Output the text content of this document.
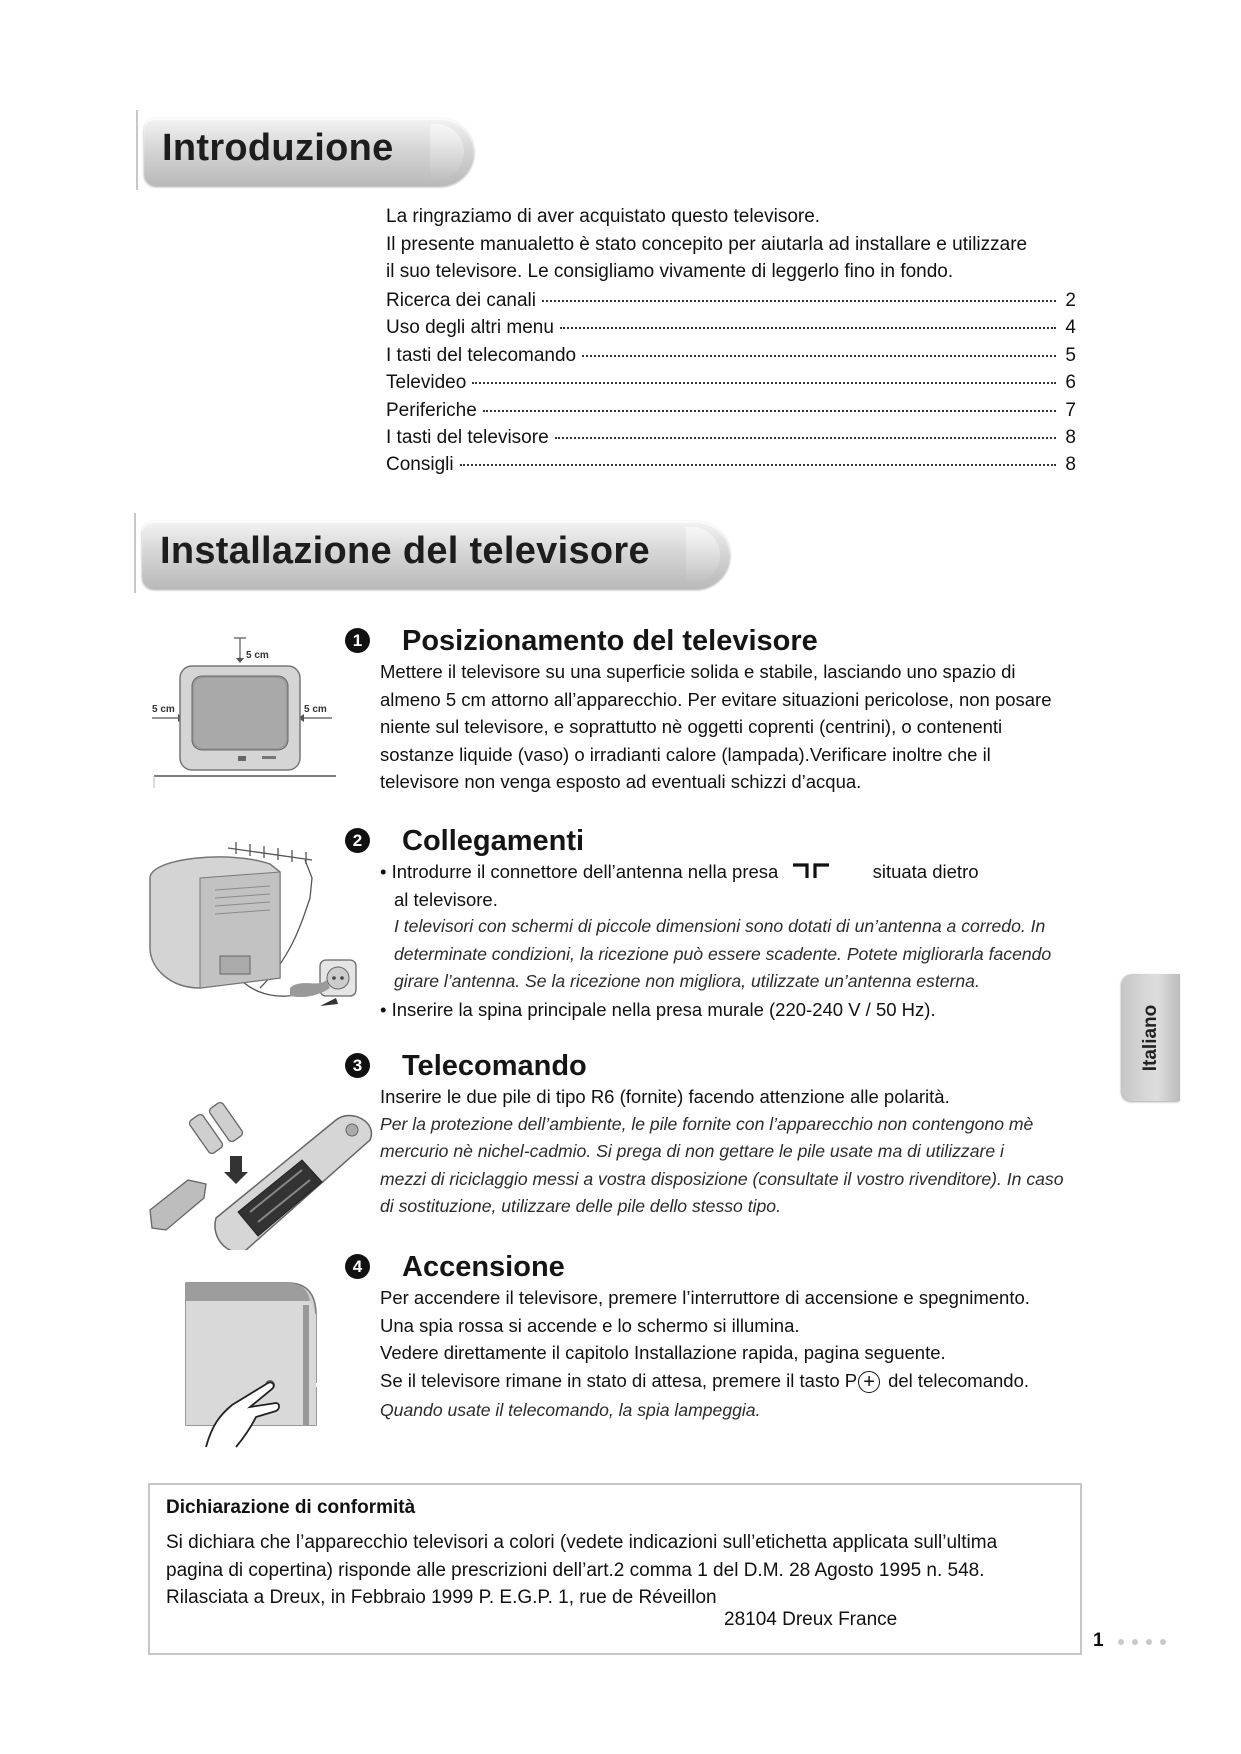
Introduzione

La ringraziamo di aver acquistato questo televisore.

Il presente manualetto è stato concepito per aiutarla ad installare e utilizzare

il suo televisore. Le consigliamo vivamente di leggerlo fino in fondo.

Ricerca dei canali	2
Uso degli altri menu	4
I tasti del telecomando	5
Televideo	6
Periferiche	7
I tasti del televisore	8
Consigli	8
Installazione del televisore
5 cm
5 cm	5 cm
1 Posizionamento del televisore

Mettere il televisore su una superficie solida e stabile, lasciando uno spazio di

almeno 5 cm attorno all’apparecchio. Per evitare situazioni pericolose, non posare

niente sul televisore, e soprattutto nè oggetti coprenti (centrini), o contenenti

sostanze liquide (vaso) o irradianti calore (lampada).Verificare inoltre che il

televisore non venga esposto ad eventuali schizzi d’acqua.

2 Collegamenti

• Introdurre il connettore dell’antenna nella presa	situata dietro

al televisore.

I televisori con schermi di piccole dimensioni sono dotati di un’antenna a corredo. In

determinate condizioni, la ricezione può essere scadente. Potete migliorarla facendo

girare l’antenna. Se la ricezione non migliora, utilizzate un’antenna esterna.

• Inserire la spina principale nella presa murale (220-240 V / 50 Hz).

3 Telecomando

Inserire le due pile di tipo R6 (fornite) facendo attenzione alle polarità.

Per la protezione dell’ambiente, le pile fornite con l’apparecchio non contengono mè

mercurio nè nichel-cadmio. Si prega di non gettare le pile usate ma di utilizzare i

mezzi di riciclaggio messi a vostra disposizione (consultate il vostro rivenditore). In caso

di sostituzione, utilizzare delle pile dello stesso tipo.

4 Accensione

Per accendere il televisore, premere l’interruttore di accensione e spegnimento.

Una spia rossa si accende e lo schermo si illumina.

Vedere direttamente il capitolo Installazione rapida, pagina seguente.

Se il televisore rimane in stato di attesa, premere il tasto P + del telecomando.

Quando usate il telecomando, la spia lampeggia.

Italiano
Dichiarazione di conformità

Si dichiara che l’apparecchio televisori a colori (vedete indicazioni sull’etichetta applicata sull’ultima

pagina di copertina) risponde alle prescrizioni dell’art.2 comma 1 del D.M. 28 Agosto 1995 n. 548.

Rilasciata a Dreux, in Febbraio 1999 P. E.G.P. 1, rue de Réveillon

28104 Dreux France
1
